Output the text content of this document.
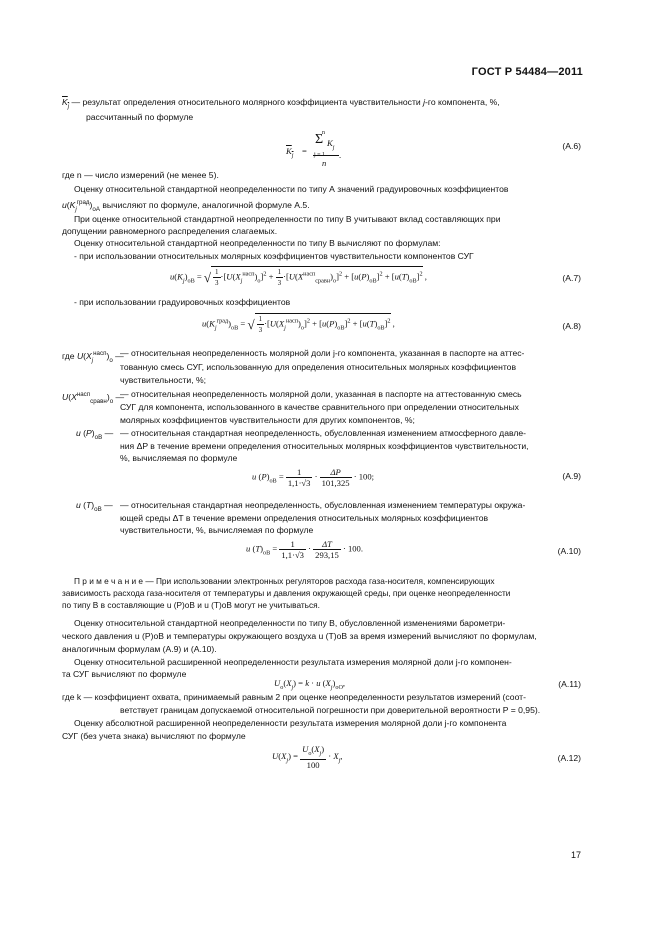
ГОСТ Р 54484—2011
$K_j$ — результат определения относительного молярного коэффициента чувствительности j-го компонента, %,
рассчитанный по формуле
$K_j$ =
n
Σ $K_j$
j = 1
n
.
(А.6)
где n — число измерений (не менее 5).
Оценку относительной стандартной неопределенности по типу А значений градуировочных коэффициентов
$u(K_j^{град})_{оА}$ вычисляют по формуле, аналогичной формуле А.5.
При оценке относительной стандартной неопределенности по типу В учитывают вклад составляющих при
допущении равномерного распределения слагаемых.
Оценку относительной стандартной неопределенности по типу В вычисляют по формулам:
- при использовании относительных молярных коэффициентов чувствительности компонентов СУГ
$u(K_j)_{оВ}$ = √ $\frac{1}{3} \cdot[U(X_j^{насп})_о]^2 + \frac{1}{3} \cdot[U(X^{насп}_{сравн})_о]^2 + [u(P)_{оВ}]^2 + [u(T)_{оВ}]^2$ ,	(А.7)
- при использовании градуировочных коэффициентов
$u(K_j^{град})_{оВ}$ = √ $\frac{1}{3} \cdot[U(X_j^{насп})_о]^2 + [u(P)_{оВ}]^2 + [u(T)_{оВ}]^2$ ,	(А.8)
где $U(X_j^{насп})_о$ —
— относительная неопределенность молярной доли j-го компонента, указанная в паспорте на аттес-
тованную смесь СУГ, использованную для определения относительных молярных коэффициентов
чувствительности, %;
$U(X^{насп}_{сравн})_о$ —
— относительная неопределенность молярной доли, указанная в паспорте на аттестованную смесь
СУГ для компонента, использованного в качестве сравнительного при определении относительных
молярных коэффициентов чувствительности для других компонентов, %;
u $(P)_{оВ}$ — — относительная стандартная неопределенность, обусловленная изменением атмосферного давле-
ния ΔP в течение времени определения относительных молярных коэффициентов чувствительности,
%, вычисляемая по формуле
u $(P)_{оВ} = \frac{1}{1,1\cdot√3} \cdot \frac{\Delta P}{101,325} \cdot 100$;	(А.9)
u $(T)_{оВ}$ — — относительная стандартная неопределенность, обусловленная изменением температуры окружа-
ющей среды ΔT в течение времени определения относительных молярных коэффициентов
чувствительности, %, вычисляемая по формуле
u $(T)_{оВ} = \frac{1}{1,1\cdot√3} \cdot \frac{\Delta T}{293,15} \cdot 100$.	(А.10)
П р и м е ч а н и е — При использовании электронных регуляторов расхода газа-носителя, компенсирующих
зависимость расхода газа-носителя от температуры и давления окружающей среды, при оценке неопределенности
по типу В в составляющие u (P)оВ и u (T)оВ могут не учитываться.
Оценку относительной стандартной неопределенности по типу В, обусловленной изменениями барометри-
ческого давления u (P)оВ и температуры окружающего воздуха u (T)оВ за время измерений вычисляют по формулам,
аналогичным формулам (А.9) и (А.10).
Оценку относительной расширенной неопределенности результата измерения молярной доли j-го компонен-
та СУГ вычисляют по формуле
$U_о(X_j) = k \cdot u$ $(X_j)_{оО}$,	(А.11)
где k — коэффициент охвата, принимаемый равным 2 при оценке неопределенности результатов измерений (соот-
ветствует границам допускаемой относительной погрешности при доверительной вероятности P = 0,95).
Оценку абсолютной расширенной неопределенности результата измерения молярной доли j-го компонента
СУГ (без учета знака) вычисляют по формуле
$U(X_j) = \frac{U_о(X_j)}{100} \cdot X_j$,	(А.12)
17
